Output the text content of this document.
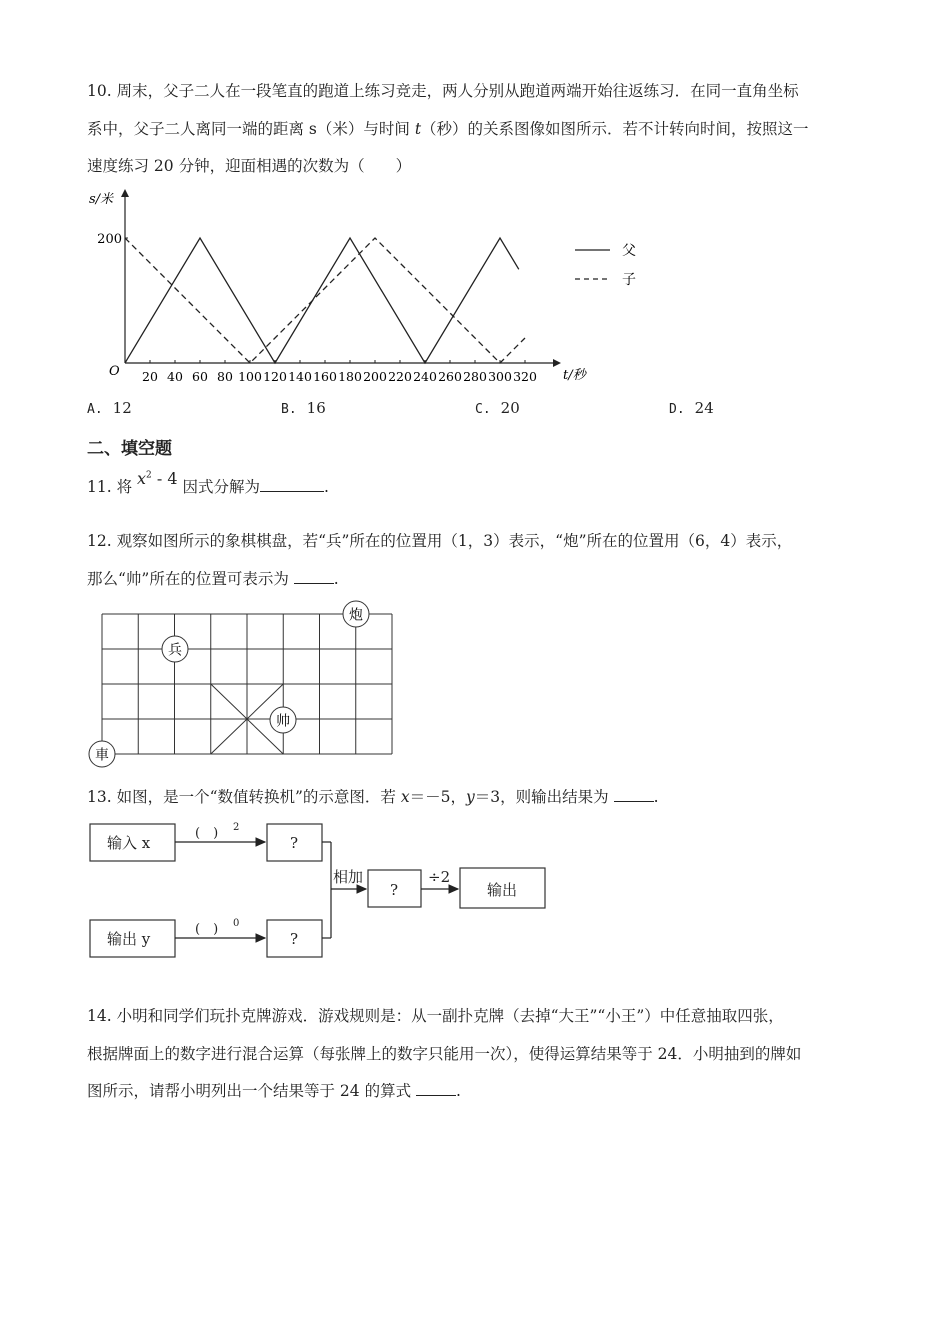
10. 周末，父子二人在一段笔直的跑道上练习竞走，两人分别从跑道两端开始往返练习．在同一直角坐标
系中，父子二人离同一端的距离 s（米）与时间 t（秒）的关系图像如图所示．若不计转向时间，按照这一
速度练习 20 分钟，迎面相遇的次数为（　　）
s/米
t/秒
O
200
20 40 60 80 100 120 140 160 180 200 220 240 260 280 300 320
父
子
A. 12	B. 16	C. 20	D. 24
二、填空题
11. 将 $x^2 - 4$ 因式分解为	.
12. 观察如图所示的象棋棋盘，若“兵”所在的位置用（1，3）表示，“炮”所在的位置用（6，4）表示，
那么“帅”所在的位置可表示为	.
炮
兵
帅
車
13. 如图，是一个“数值转换机”的示意图．若 x＝－5，y＝3，则输出结果为	.
输入 x
输出 y
(　) 2
(　) 0
?
?
?
相加	÷2
输出
14. 小明和同学们玩扑克牌游戏．游戏规则是：从一副扑克牌（去掉“大王”“小王”）中任意抽取四张，
根据牌面上的数字进行混合运算（每张牌上的数字只能用一次），使得运算结果等于 24．小明抽到的牌如
图所示，请帮小明列出一个结果等于 24 的算式	.
